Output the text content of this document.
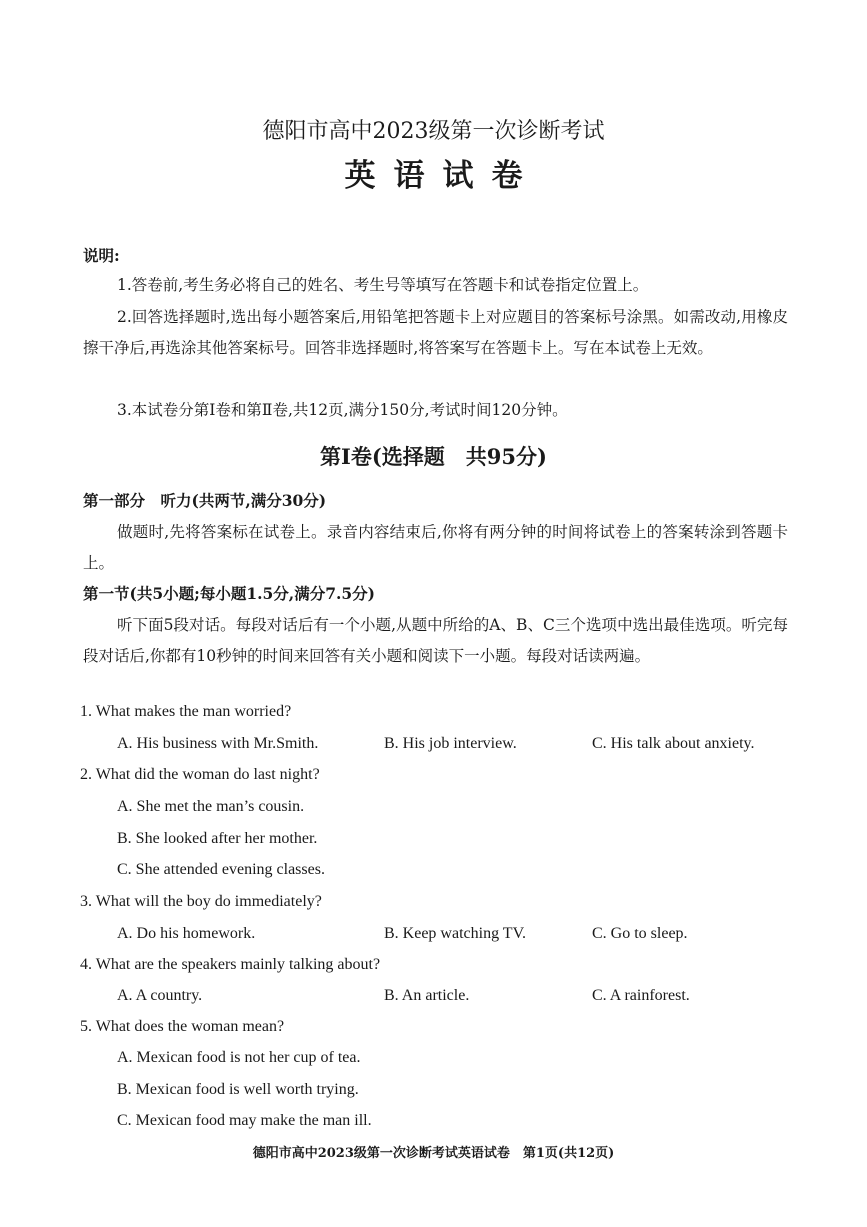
德阳市高中2023级第一次诊断考试
英语试卷
说明:
1.答卷前,考生务必将自己的姓名、考生号等填写在答题卡和试卷指定位置上。
2.回答选择题时,选出每小题答案后,用铅笔把答题卡上对应题目的答案标号涂黑。如需改动,用橡皮擦干净后,再选涂其他答案标号。回答非选择题时,将答案写在答题卡上。写在本试卷上无效。
3.本试卷分第Ⅰ卷和第Ⅱ卷,共12页,满分150分,考试时间120分钟。
第Ⅰ卷(选择题　共95分)
第一部分　听力(共两节,满分30分)
做题时,先将答案标在试卷上。录音内容结束后,你将有两分钟的时间将试卷上的答案转涂到答题卡上。
第一节(共5小题;每小题1.5分,满分7.5分)
听下面5段对话。每段对话后有一个小题,从题中所给的A、B、C三个选项中选出最佳选项。听完每段对话后,你都有10秒钟的时间来回答有关小题和阅读下一小题。每段对话读两遍。
1. What makes the man worried?
A. His business with Mr.Smith.	B. His job interview.	C. His talk about anxiety.
2. What did the woman do last night?
A. She met the man’s cousin.
B. She looked after her mother.
C. She attended evening classes.
3. What will the boy do immediately?
A. Do his homework.	B. Keep watching TV.	C. Go to sleep.
4. What are the speakers mainly talking about?
A. A country.	B. An article.	C. A rainforest.
5. What does the woman mean?
A. Mexican food is not her cup of tea.
B. Mexican food is well worth trying.
C. Mexican food may make the man ill.
德阳市高中2023级第一次诊断考试英语试卷　第1页(共12页)
